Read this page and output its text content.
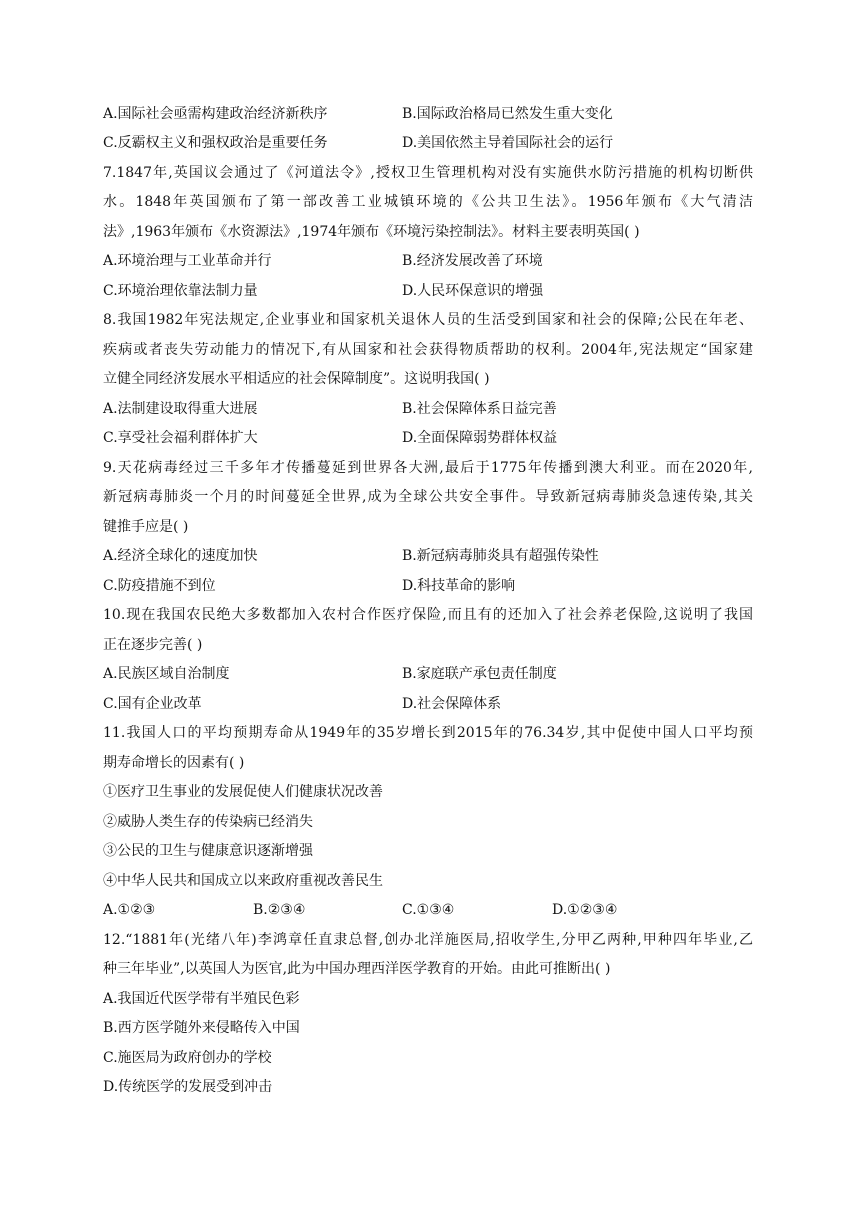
A.国际社会亟需构建政治经济新秩序	B.国际政治格局已然发生重大变化
C.反霸权主义和强权政治是重要任务	D.美国依然主导着国际社会的运行
7.1847年,英国议会通过了《河道法令》,授权卫生管理机构对没有实施供水防污措施的机构切断供
水。1848年英国颁布了第一部改善工业城镇环境的《公共卫生法》。1956年颁布《大气清洁
法》,1963年颁布《水资源法》,1974年颁布《环境污染控制法》。材料主要表明英国( )
A.环境治理与工业革命并行	B.经济发展改善了环境
C.环境治理依靠法制力量	D.人民环保意识的增强
8.我国1982年宪法规定,企业事业和国家机关退休人员的生活受到国家和社会的保障;公民在年老、
疾病或者丧失劳动能力的情况下,有从国家和社会获得物质帮助的权利。2004年,宪法规定“国家建
立健全同经济发展水平相适应的社会保障制度”。这说明我国( )
A.法制建设取得重大进展	B.社会保障体系日益完善
C.享受社会福利群体扩大	D.全面保障弱势群体权益
9.天花病毒经过三千多年才传播蔓延到世界各大洲,最后于1775年传播到澳大利亚。而在2020年,
新冠病毒肺炎一个月的时间蔓延全世界,成为全球公共安全事件。导致新冠病毒肺炎急速传染,其关
键推手应是( )
A.经济全球化的速度加快	B.新冠病毒肺炎具有超强传染性
C.防疫措施不到位	D.科技革命的影响
10.现在我国农民绝大多数都加入农村合作医疗保险,而且有的还加入了社会养老保险,这说明了我国
正在逐步完善( )
A.民族区域自治制度	B.家庭联产承包责任制度
C.国有企业改革	D.社会保障体系
11.我国人口的平均预期寿命从1949年的35岁增长到2015年的76.34岁,其中促使中国人口平均预
期寿命增长的因素有( )
①医疗卫生事业的发展促使人们健康状况改善
②威胁人类生存的传染病已经消失
③公民的卫生与健康意识逐渐增强
④中华人民共和国成立以来政府重视改善民生
A.①②③	B.②③④	C.①③④	D.①②③④
12.“1881年(光绪八年)李鸿章任直隶总督,创办北洋施医局,招收学生,分甲乙两种,甲种四年毕业,乙
种三年毕业”,以英国人为医官,此为中国办理西洋医学教育的开始。由此可推断出( )
A.我国近代医学带有半殖民色彩
B.西方医学随外来侵略传入中国
C.施医局为政府创办的学校
D.传统医学的发展受到冲击
